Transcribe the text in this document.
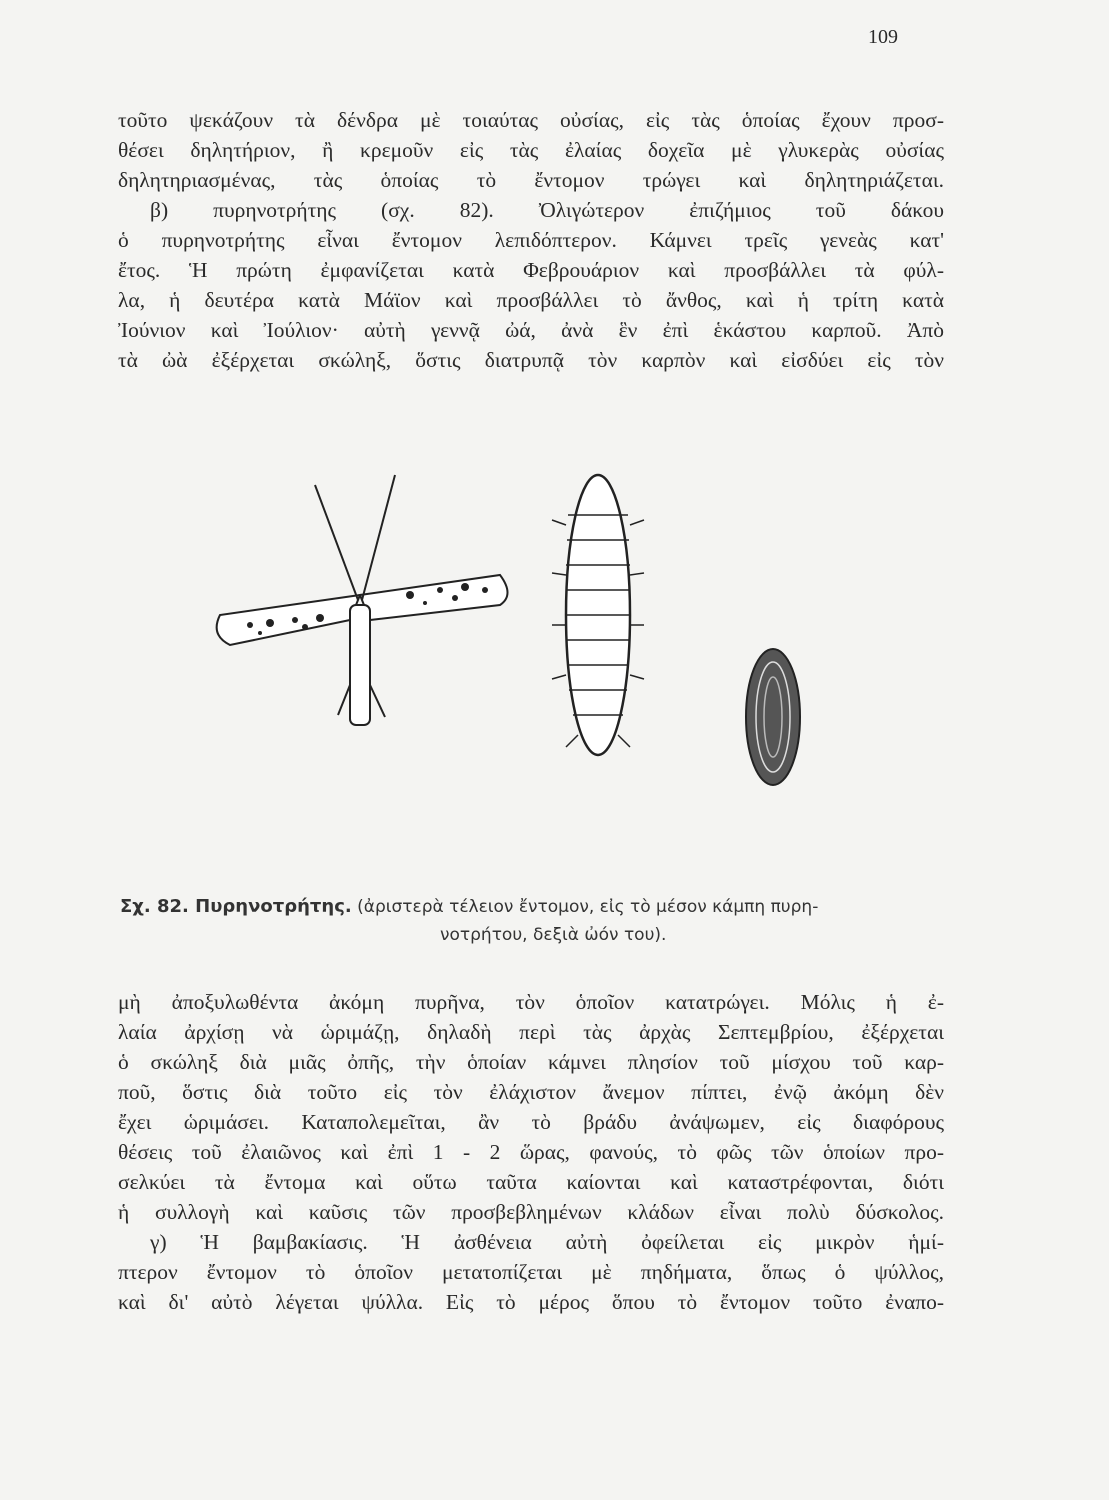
109
τοῦτο ψεκάζουν τὰ δένδρα μὲ τοιαύτας οὐσίας, εἰς τὰς ὁποίας ἔχουν προσ-
θέσει δηλητήριον, ἢ κρεμοῦν εἰς τὰς ἐλαίας δοχεῖα μὲ γλυκερὰς οὐσίας
δηλητηριασμένας, τὰς ὁποίας τὸ ἔντομον τρώγει καὶ δηλητηριάζεται.
β) πυρηνοτρήτης (σχ. 82). Ὀλιγώτερον ἐπιζήμιος τοῦ δάκου
ὁ πυρηνοτρήτης εἶναι ἔντομον λεπιδόπτερον. Κάμνει τρεῖς γενεὰς κατ'
ἔτος. Ἡ πρώτη ἐμφανίζεται κατὰ Φεβρουάριον καὶ προσβάλλει τὰ φύλ-
λα, ἡ δευτέρα κατὰ Μάϊον καὶ προσβάλλει τὸ ἄνθος, καὶ ἡ τρίτη κατὰ
Ἰούνιον καὶ Ἰούλιον· αὐτὴ γεννᾷ ὠά, ἀνὰ ἓν ἐπὶ ἑκάστου καρποῦ. Ἀπὸ
τὰ ὠὰ ἐξέρχεται σκώληξ, ὅστις διατρυπᾷ τὸν καρπὸν καὶ εἰσδύει εἰς τὸν
Σχ. 82. Πυρηνοτρήτης. (ἀριστερὰ τέλειον ἔντομον, εἰς τὸ μέσον κάμπη πυρη-
νοτρήτου, δεξιὰ ὠόν του).
μὴ ἀποξυλωθέντα ἀκόμη πυρῆνα, τὸν ὁποῖον κατατρώγει. Μόλις ἡ ἐ-
λαία ἀρχίσῃ νὰ ὡριμάζῃ, δηλαδὴ περὶ τὰς ἀρχὰς Σεπτεμβρίου, ἐξέρχεται
ὁ σκώληξ διὰ μιᾶς ὀπῆς, τὴν ὁποίαν κάμνει πλησίον τοῦ μίσχου τοῦ καρ-
ποῦ, ὅστις διὰ τοῦτο εἰς τὸν ἐλάχιστον ἄνεμον πίπτει, ἐνῷ ἀκόμη δὲν
ἔχει ὡριμάσει. Καταπολεμεῖται, ἂν τὸ βράδυ ἀνάψωμεν, εἰς διαφόρους
θέσεις τοῦ ἐλαιῶνος καὶ ἐπὶ 1 - 2 ὥρας, φανούς, τὸ φῶς τῶν ὁποίων προ-
σελκύει τὰ ἔντομα καὶ οὕτω ταῦτα καίονται καὶ καταστρέφονται, διότι
ἡ συλλογὴ καὶ καῦσις τῶν προσβεβλημένων κλάδων εἶναι πολὺ δύσκολος.
γ) Ἡ βαμβακίασις. Ἡ ἀσθένεια αὐτὴ ὀφείλεται εἰς μικρὸν ἡμί-
πτερον ἔντομον τὸ ὁποῖον μετατοπίζεται μὲ πηδήματα, ὅπως ὁ ψύλλος,
καὶ δι' αὐτὸ λέγεται ψύλλα. Εἰς τὸ μέρος ὅπου τὸ ἔντομον τοῦτο ἐναπο-
